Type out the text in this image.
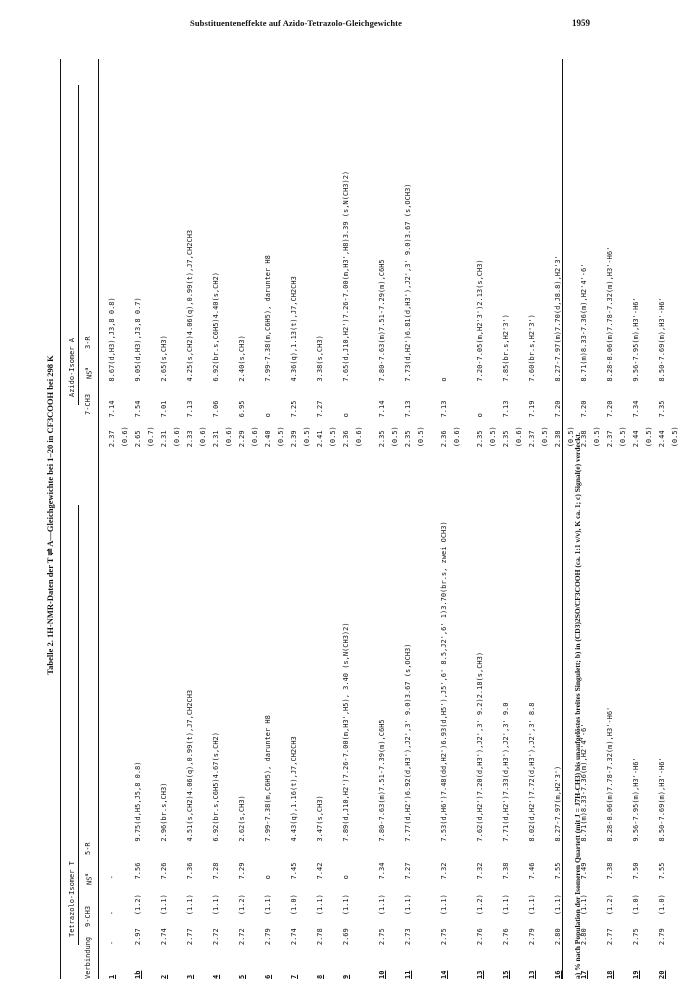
Substituenteneffekte auf Azido-Tetrazolo-Gleichgewichte	1959
Tabelle 2. 1H-NMR-Daten der T ⇌ A—Gleichgewichte bei 1–20 in CF3COOH bei 298 K
Tetrazolo-Isomer T
Azido-Isomer A
Verbindung
9-CH3
$NS^a$
5-R
7-CH3
$NS^a$
3-R
1
-
-
-
2.37 (0.6)
7.14
8.67(d,H3),J3,8 0.8)
1b
2.97
(1.2)
7.56
9.75(d,H5,J5,8 0.8)
2.65 (0.7)
7.54
9.05(d,H3),J3,8 0.7)
2
2.74
(1.1)
7.26
2.96(br.s,CH3)
2.31 (0.6)
7.01
2.65(s,CH3)
3
2.77
(1.1)
7.36
4.51(s,CH2)4.06(q),0.99(t),J7,CH2CH3
2.33 (0.6)
7.13
4.25(s,CH2)4.06(q),0.99(t),J7,CH2CH3
4
2.72
(1.1)
7.28
6.92(br.s,C6H5)4.67(s,CH2)
2.31 (0.6)
7.06
6.92(br.s,C6H5)4.40(s,CH2)
5
2.72
(1.2)
7.29
2.62(s,CH3)
2.29 (0.6)
6.95
2.40(s,CH3)
6
2.79
(1.1)
o
7.99-7.38(m,C6H5), darunter H8
2.40 (0.5)
o
7.99-7.38(m,C6H5), darunter H8
7
2.74
(1.0)
7.45
4.43(q),1.16(t),J7,CH2CH3
2.39 (0.5)
7.25
4.36(q),1.13(t),J7,CH2CH3
8
2.78
(1.1)
7.42
3.47(s,CH3)
2.41 (0.5)
7.27
3.38(s,CH3)
9
2.69
(1.1)
o
7.89(d,J10,H2')7.26-7.00(m,H3',H5), 3.40 (s,N(CH3)2)
2.36 (0.6)
o
7.65(d,J10,H2')7.26-7.00(m,H3',H8)3.39 (s,N(CH3)2)
10
2.75
(1.1)
7.34
7.80-7.63(m)7.51-7.39(m),C6H5
2.35 (0.5)
7.14
7.80-7.63(m)7.51-7.29(m),C6H5
11
2.73
(1.1)
7.27
7.77(d,H2')6.92(d,H3'),J2',3' 9.0)3.67 (s,OCH3)
2.35 (0.5)
7.13
7.73(d,H2')6.81(d,H3'),J2',3' 9.0)3.67 (s,OCH3)
14
2.75
(1.1)
7.32
7.53(d,H6')7.48(dd,H2')6.93(d,H5'),J5',6' 8.5,J2',6' 1)3.70(br.s, zwei OCH3)
2.36 (0.6)
7.13
o
13
2.76
(1.2)
7.32
7.62(d,H2')7.20(d,H3'),J2',3' 9.2)2.18(s,CH3)
2.35 (0.5)
o
7.20-7.05(m,H2'3')2.13(s,CH3)
15
2.76
(1.1)
7.38
7.71(d,H2')7.33(d,H3'),J2',3' 9.0
2.35 (0.6)
7.13
7.85(br.s,H2'3')
13
2.79
(1.1)
7.46
8.02(d,H2')7.72(d,H3'),J2',3' 8.8
2.37 (0.5)
7.19
7.60(br.s,H2'3')
16
2.80
(1.1)
7.55
8.27-7.97(m,H2'3')
2.38 (0.5)
7.20
8.27-7.97(m)7.70(d,J8.8),H2'3'
17
2.80
(1.1)
7.49
8.71(m)8.33-7.36(m),H2'4'-6'
2.38 (0.5)
7.20
8.71(m)8.33-7.36(m),H2'4'-6'
18
2.77
(1.2)
7.38
8.28-8.06(m)7.78-7.32(m),H3'-H6'
2.37 (0.5)
7.20
8.28-8.06(m)7.78-7.32(m),H3'-H6'
19
2.75
(1.0)
7.50
9.56-7.95(m),H3'-H6'
2.44 (0.5)
7.34
9.56-7.95(m),H3'-H6'
20
2.79
(1.0)
7.55
8.50-7.69(m),H3'-H6'
2.44 (0.5)
7.35
8.50-7.69(m),H3'-H6'
a) % nach Population der Isomeren Quartett (mit J = J7H-CH3) bis unaufgelöstes breites Singulett; b) in (CD3)2SO/CF3COOH (ca. 1:1 v/v), K ca. 1; c) Signal(e) verdeckt.
